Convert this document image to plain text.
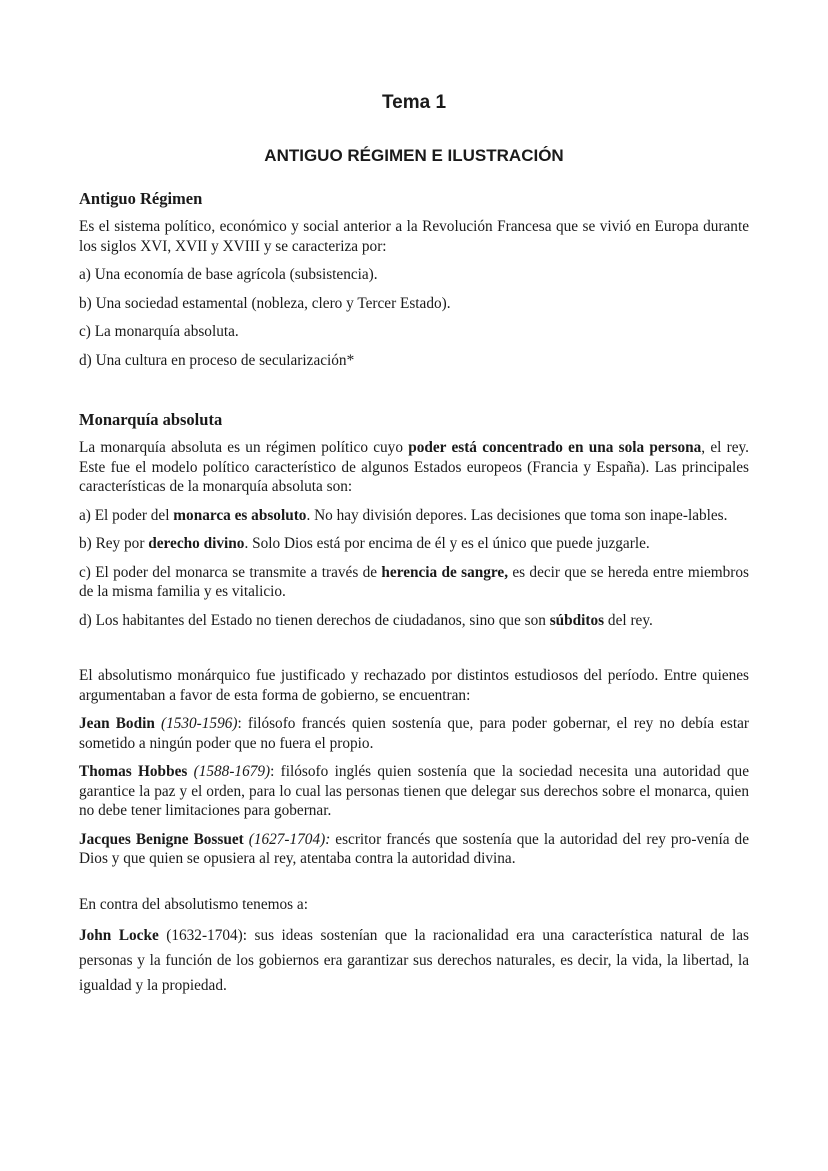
Tema 1
ANTIGUO RÉGIMEN E ILUSTRACIÓN
Antiguo Régimen

Es el sistema político, económico y social anterior a la Revolución Francesa que se vivió en Europa durante los siglos XVI, XVII y XVIII y se caracteriza por:

a) Una economía de base agrícola (subsistencia).

b) Una sociedad estamental (nobleza, clero y Tercer Estado).

c) La monarquía absoluta.

d) Una cultura en proceso de secularización*

Monarquía absoluta

La monarquía absoluta es un régimen político cuyo poder está concentrado en una sola persona, el rey. Este fue el modelo político característico de algunos Estados europeos (Francia y España). Las principales características de la monarquía absoluta son:

a) El poder del monarca es absoluto. No hay división depores. Las decisiones que toma son inape-lables.

b) Rey por derecho divino. Solo Dios está por encima de él y es el único que puede juzgarle.

c) El poder del monarca se transmite a través de herencia de sangre, es decir que se hereda entre miembros de la misma familia y es vitalicio.

d) Los habitantes del Estado no tienen derechos de ciudadanos, sino que son súbditos del rey.

El absolutismo monárquico fue justificado y rechazado por distintos estudiosos del período. Entre quienes argumentaban a favor de esta forma de gobierno, se encuentran:

Jean Bodin (1530-1596): filósofo francés quien sostenía que, para poder gobernar, el rey no debía estar sometido a ningún poder que no fuera el propio.

Thomas Hobbes (1588-1679): filósofo inglés quien sostenía que la sociedad necesita una autoridad que garantice la paz y el orden, para lo cual las personas tienen que delegar sus derechos sobre el monarca, quien no debe tener limitaciones para gobernar.

Jacques Benigne Bossuet (1627-1704): escritor francés que sostenía que la autoridad del rey pro-venía de Dios y que quien se opusiera al rey, atentaba contra la autoridad divina.

En contra del absolutismo tenemos a:

John Locke (1632-1704): sus ideas sostenían que la racionalidad era una característica natural de las personas y la función de los gobiernos era garantizar sus derechos naturales, es decir, la vida, la libertad, la igualdad y la propiedad.
